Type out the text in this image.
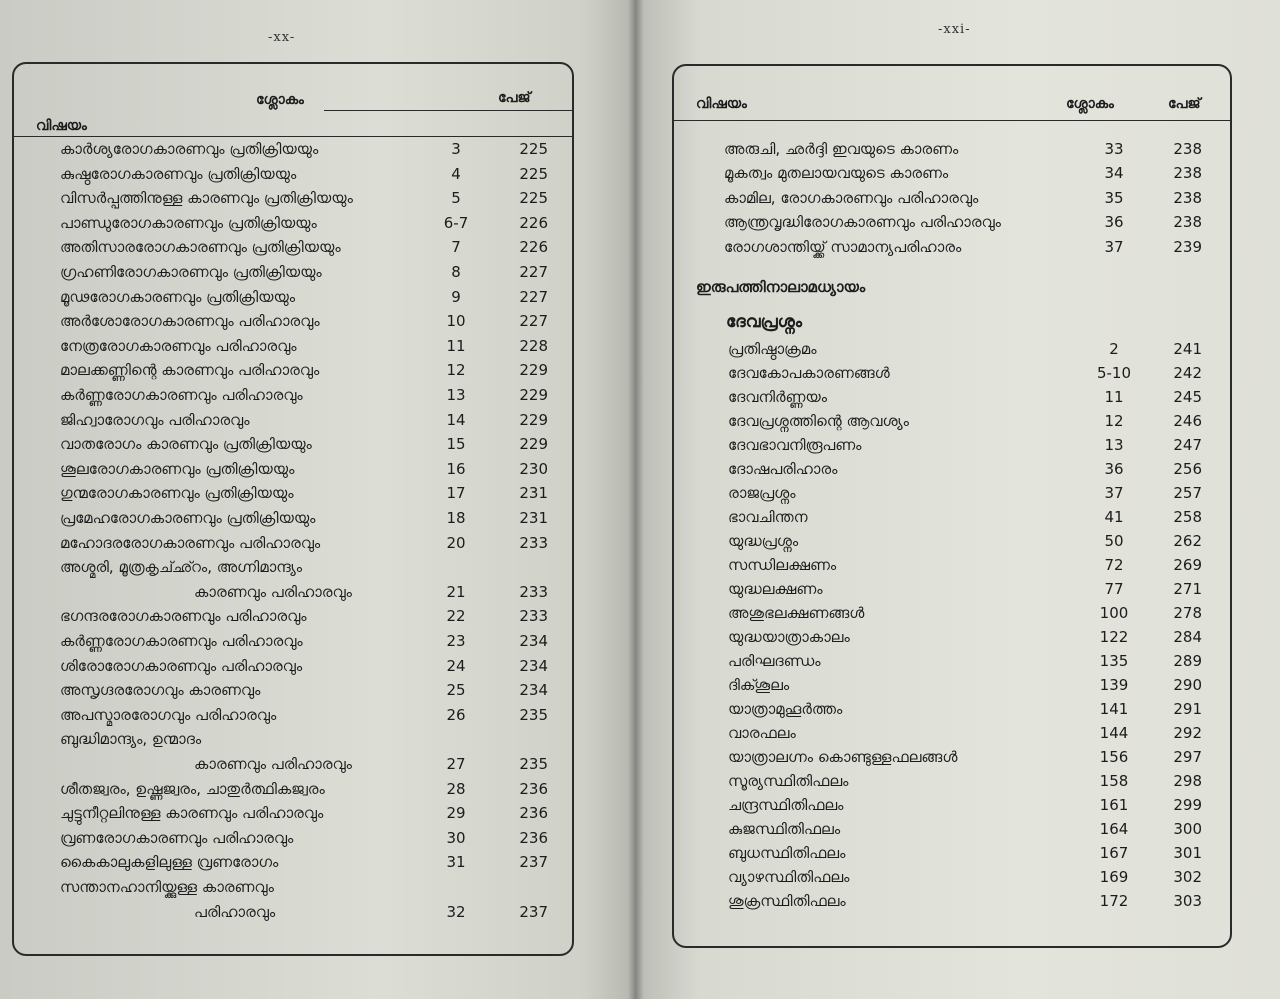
-xx-
ശ്ലോകം	പേജ്
വിഷയം
കാർശ്യരോഗകാരണവും പ്രതിക്രിയയും	3	225
കുഷ്ഠരോഗകാരണവും പ്രതിക്രിയയും	4	225
വിസർപ്പത്തിനുള്ള കാരണവും പ്രതിക്രിയയും	5	225
പാണ്ഡുരോഗകാരണവും പ്രതിക്രിയയും	6-7	226
അതിസാരരോഗകാരണവും പ്രതിക്രിയയും	7	226
ഗ്രഹണിരോഗകാരണവും പ്രതിക്രിയയും	8	227
മൂഢരോഗകാരണവും പ്രതിക്രിയയും	9	227
അർശോരോഗകാരണവും പരിഹാരവും	10	227
നേത്രരോഗകാരണവും പരിഹാരവും	11	228
മാലക്കണ്ണിന്റെ കാരണവും പരിഹാരവും	12	229
കർണ്ണരോഗകാരണവും പരിഹാരവും	13	229
ജിഹ്വാരോഗവും പരിഹാരവും	14	229
വാതരോഗം കാരണവും പ്രതിക്രിയയും	15	229
ശൂലരോഗകാരണവും പ്രതിക്രിയയും	16	230
ഗുന്മരോഗകാരണവും പ്രതിക്രിയയും	17	231
പ്രമേഹരോഗകാരണവും പ്രതിക്രിയയും	18	231
മഹോദരരോഗകാരണവും പരിഹാരവും	20	233
അശ്മരി, മൂത്രകൃച്ഛ്റം, അഗ്നിമാന്ദ്യം
കാരണവും പരിഹാരവും	21	233
ഭഗന്ദരരോഗകാരണവും പരിഹാരവും	22	233
കർണ്ണരോഗകാരണവും പരിഹാരവും	23	234
ശിരോരോഗകാരണവും പരിഹാരവും	24	234
അസൃഗ്ദരരോഗവും കാരണവും	25	234
അപസ്മാരരോഗവും പരിഹാരവും	26	235
ബുദ്ധിമാന്ദ്യം, ഉന്മാദം
കാരണവും പരിഹാരവും	27	235
ശീതജ്വരം, ഉഷ്ണജ്വരം, ചാതുർത്ഥികജ്വരം	28	236
ചുട്ടുനീറ്റലിനുള്ള കാരണവും പരിഹാരവും	29	236
വ്രണരോഗകാരണവും പരിഹാരവും	30	236
കൈകാലുകളിലുള്ള വ്രണരോഗം	31	237
സന്താനഹാനിയ്ക്കുള്ള കാരണവും
പരിഹാരവും	32	237
-xxi-
വിഷയം	ശ്ലോകം	പേജ്
അരുചി, ഛർദ്ദി ഇവയുടെ കാരണം	33	238
മൂകത്വം മുതലായവയുടെ കാരണം	34	238
കാമില, രോഗകാരണവും പരിഹാരവും	35	238
ആന്ത്രവൃദ്ധിരോഗകാരണവും പരിഹാരവും	36	238
രോഗശാന്തിയ്ക്ക് സാമാന്യപരിഹാരം	37	239
ഇരുപത്തിനാലാമധ്യായം
ദേവപ്രശ്നം
പ്രതിഷ്ഠാക്രമം	2	241
ദേവകോപകാരണങ്ങൾ	5-10	242
ദേവനിർണ്ണയം	11	245
ദേവപ്രശ്നത്തിന്റെ ആവശ്യം	12	246
ദേവഭാവനിരൂപണം	13	247
ദോഷപരിഹാരം	36	256
രാജപ്രശ്നം	37	257
ഭാവചിന്തന	41	258
യുദ്ധപ്രശ്നം	50	262
സന്ധിലക്ഷണം	72	269
യുദ്ധലക്ഷണം	77	271
അശുഭലക്ഷണങ്ങൾ	100	278
യുദ്ധയാത്രാകാലം	122	284
പരിഘദണ്ഡം	135	289
ദിക്ശൂലം	139	290
യാത്രാമുഹൂർത്തം	141	291
വാരഫലം	144	292
യാത്രാലഗ്നം കൊണ്ടുള്ളഫലങ്ങൾ	156	297
സൂര്യസ്ഥിതിഫലം	158	298
ചന്ദ്രസ്ഥിതിഫലം	161	299
കുജസ്ഥിതിഫലം	164	300
ബുധസ്ഥിതിഫലം	167	301
വ്യാഴസ്ഥിതിഫലം	169	302
ശുക്രസ്ഥിതിഫലം	172	303
